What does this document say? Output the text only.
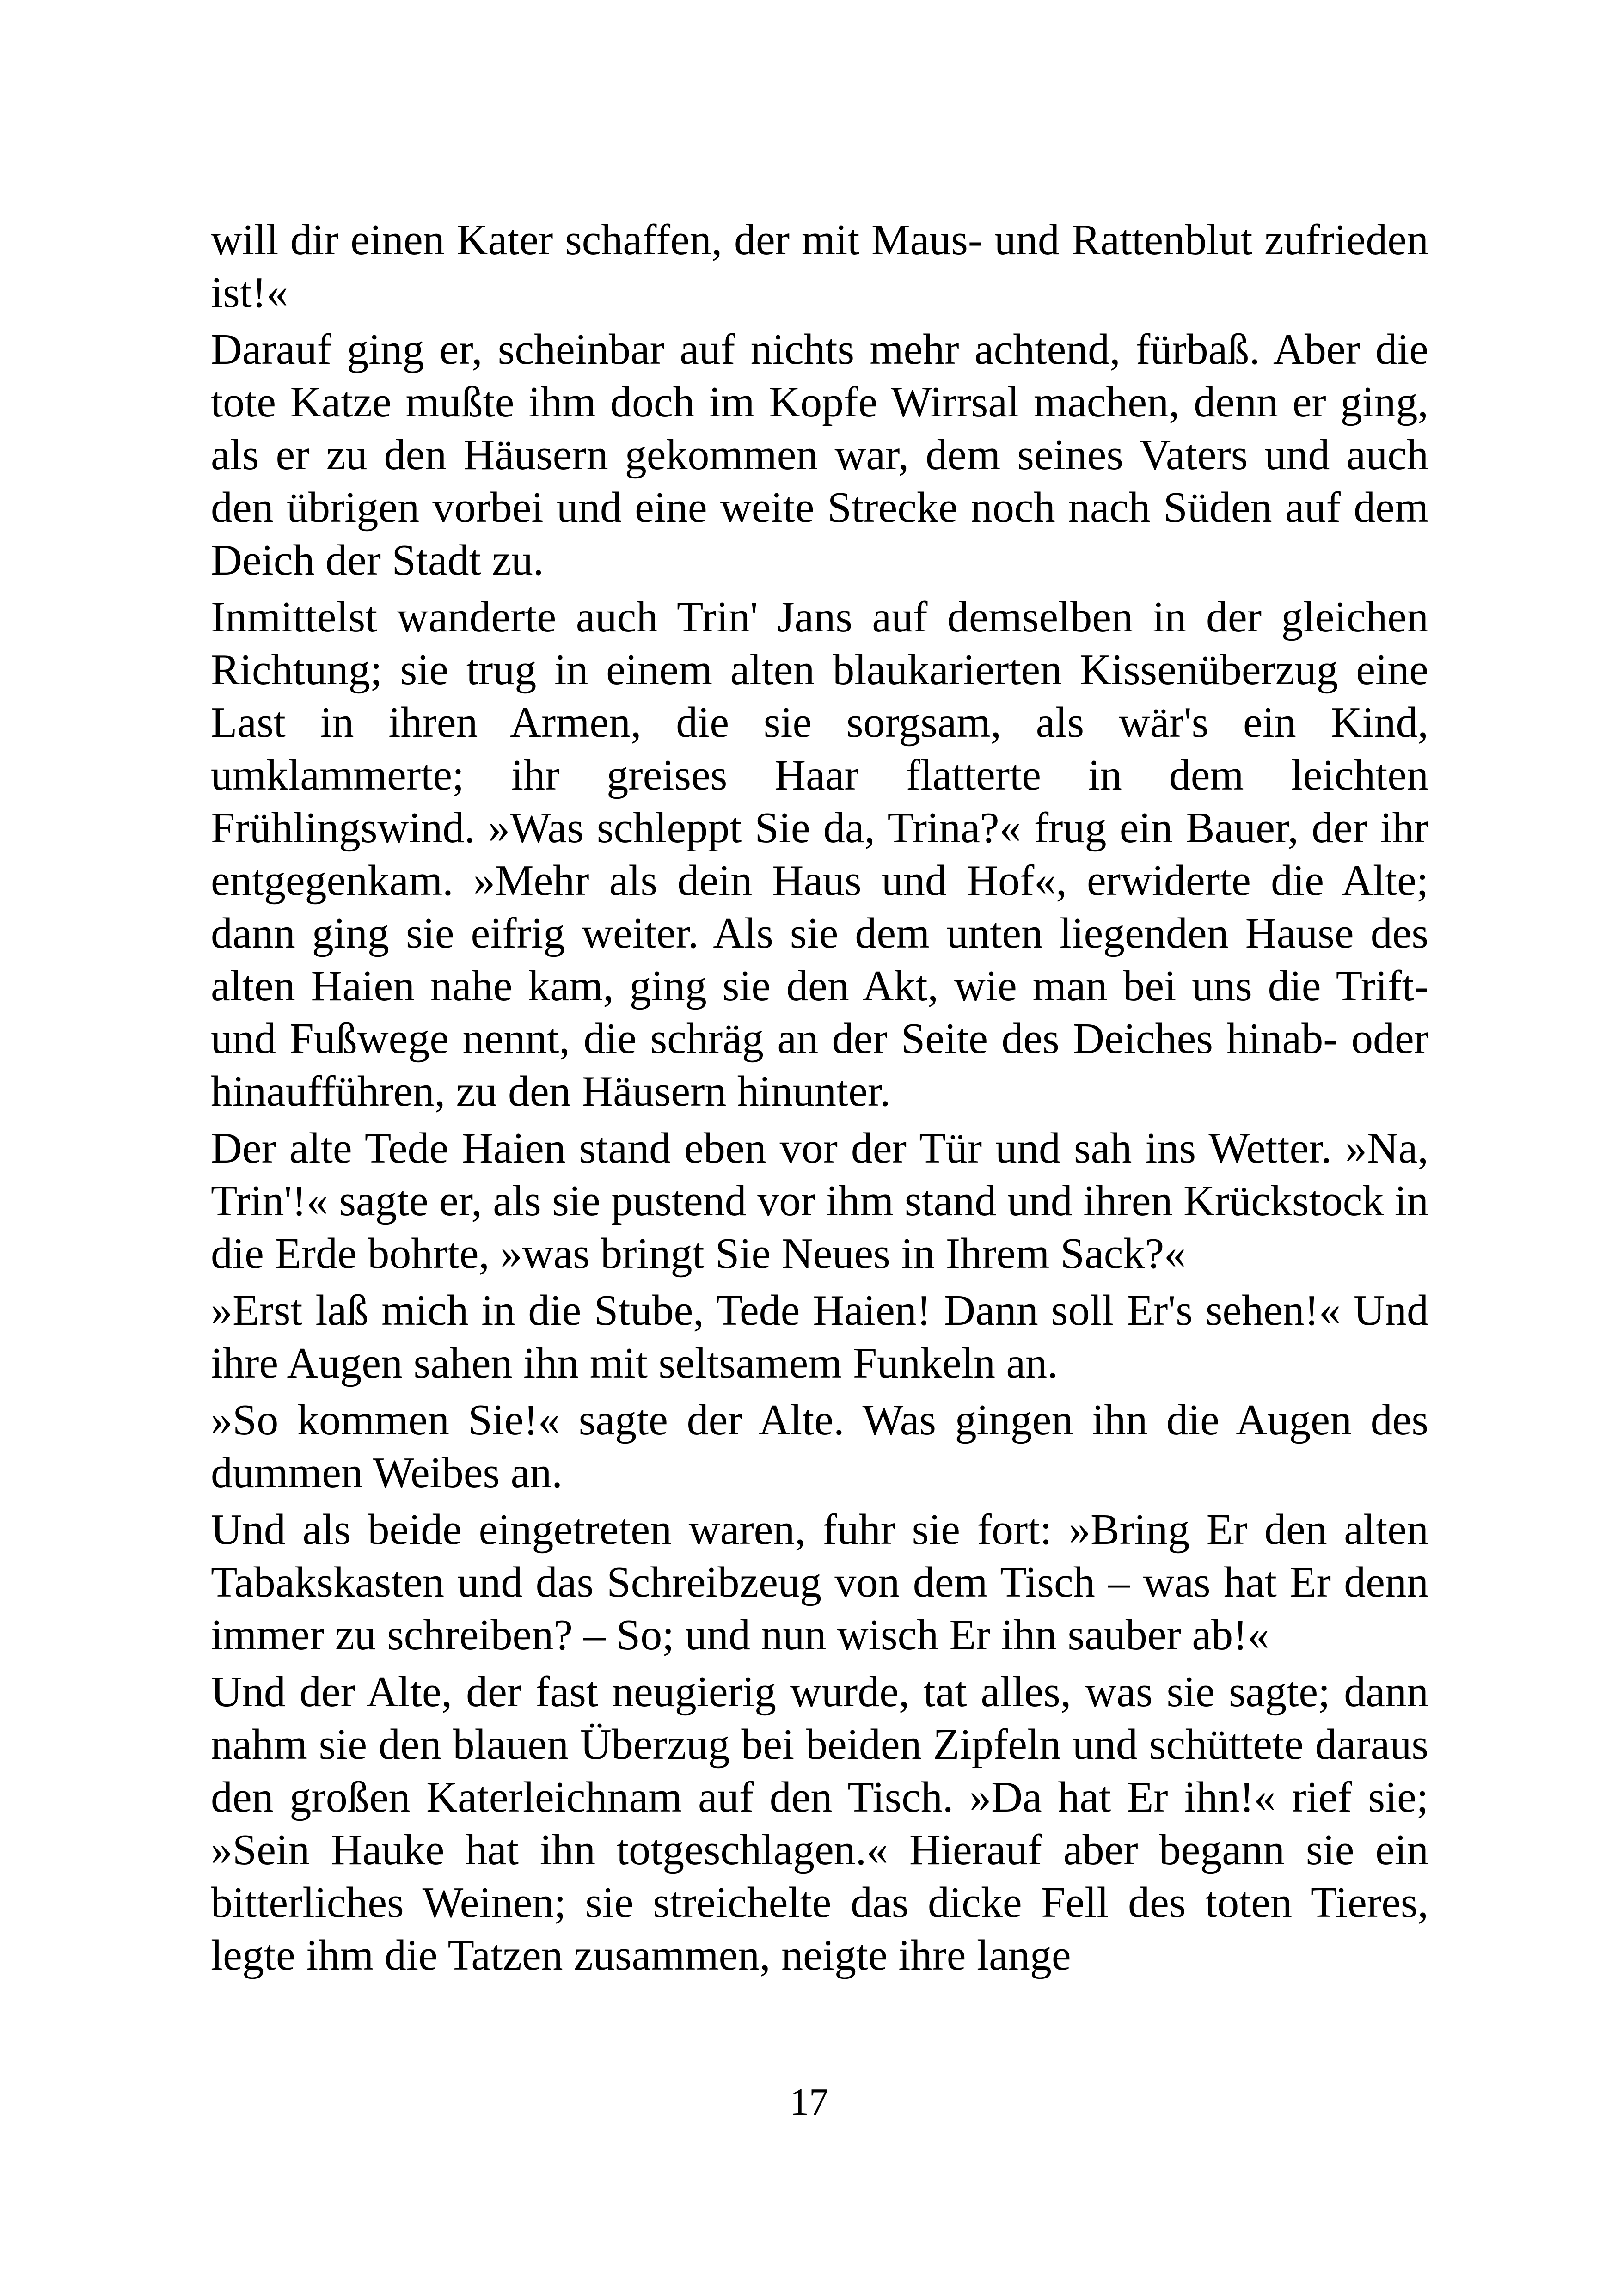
will dir einen Kater schaffen, der mit Maus- und Rattenblut zufrieden ist!«

Darauf ging er, scheinbar auf nichts mehr achtend, fürbaß. Aber die tote Katze mußte ihm doch im Kopfe Wirrsal machen, denn er ging, als er zu den Häusern gekommen war, dem seines Vaters und auch den übrigen vorbei und eine weite Strecke noch nach Süden auf dem Deich der Stadt zu.

Inmittelst wanderte auch Trin' Jans auf demselben in der gleichen Richtung; sie trug in einem alten blaukarierten Kissenüberzug eine Last in ihren Armen, die sie sorgsam, als wär's ein Kind, umklammerte; ihr greises Haar flatterte in dem leichten Frühlingswind. »Was schleppt Sie da, Trina?« frug ein Bauer, der ihr entgegenkam. »Mehr als dein Haus und Hof«, erwiderte die Alte; dann ging sie eifrig weiter. Als sie dem unten liegenden Hause des alten Haien nahe kam, ging sie den Akt, wie man bei uns die Trift- und Fußwege nennt, die schräg an der Seite des Deiches hinab- oder hinaufführen, zu den Häusern hinunter.

Der alte Tede Haien stand eben vor der Tür und sah ins Wetter. »Na, Trin'!« sagte er, als sie pustend vor ihm stand und ihren Krückstock in die Erde bohrte, »was bringt Sie Neues in Ihrem Sack?«

»Erst laß mich in die Stube, Tede Haien! Dann soll Er's sehen!« Und ihre Augen sahen ihn mit seltsamem Funkeln an.

»So kommen Sie!« sagte der Alte. Was gingen ihn die Augen des dummen Weibes an.

Und als beide eingetreten waren, fuhr sie fort: »Bring Er den alten Tabakskasten und das Schreibzeug von dem Tisch – was hat Er denn immer zu schreiben? – So; und nun wisch Er ihn sauber ab!«

Und der Alte, der fast neugierig wurde, tat alles, was sie sagte; dann nahm sie den blauen Überzug bei beiden Zipfeln und schüttete daraus den großen Katerleichnam auf den Tisch. »Da hat Er ihn!« rief sie; »Sein Hauke hat ihn totgeschlagen.« Hierauf aber begann sie ein bitterliches Weinen; sie streichelte das dicke Fell des toten Tieres, legte ihm die Tatzen zusammen, neigte ihre lange

17
